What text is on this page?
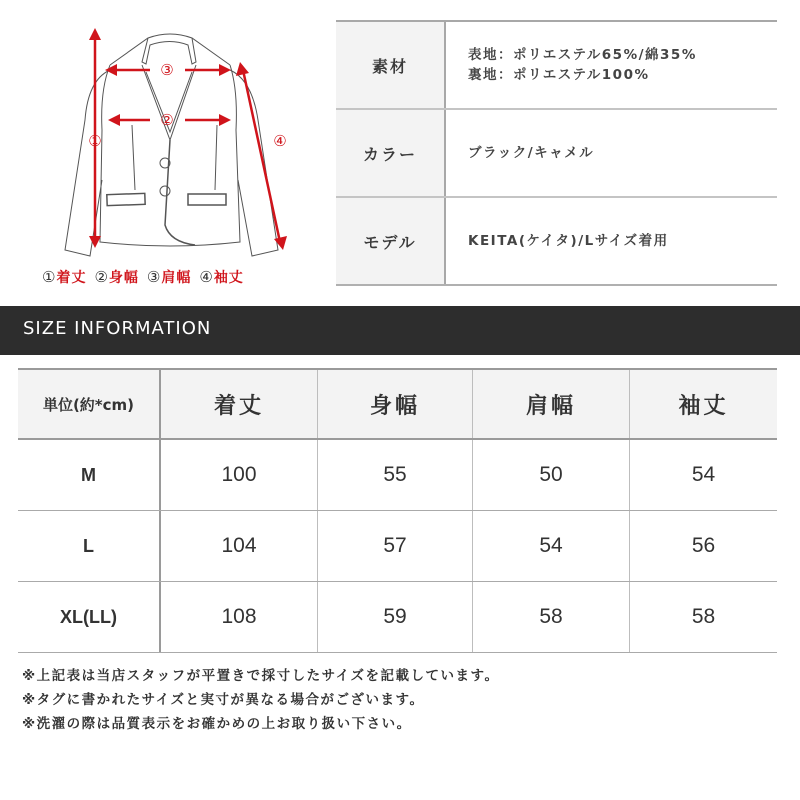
①
③
②
④
① 着丈 ② 身幅 ③ 肩幅 ④ 袖丈
素材
表地：ポリエステル65%/綿35%
裏地：ポリエステル100%
カラー	ブラック/キャメル
モデル	KEITA(ケイタ)/Lサイズ着用
SIZE INFORMATION
単位(約*cm)	着丈	身幅	肩幅	袖丈
M	100	55	50	54
L	104	57	54	56
XL(LL)	108	59	58	58
※上記表は当店スタッフが平置きで採寸したサイズを記載しています。
※タグに書かれたサイズと実寸が異なる場合がございます。
※洗濯の際は品質表示をお確かめの上お取り扱い下さい。
